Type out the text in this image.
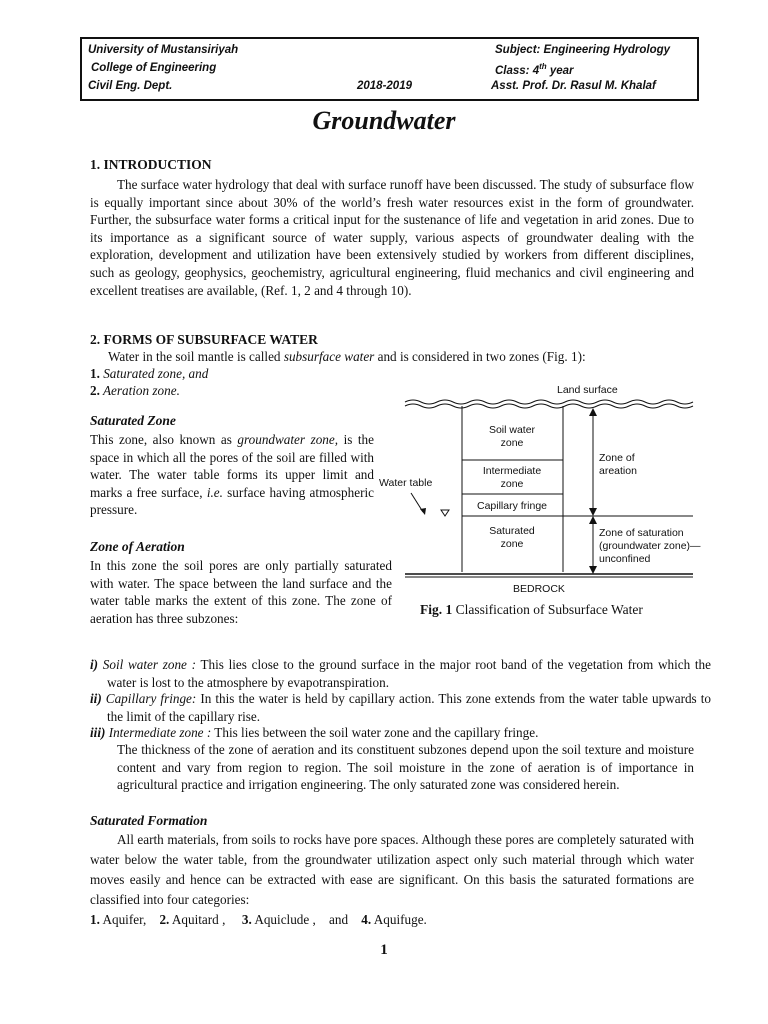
University of Mustansiriyah
College of Engineering
Civil Eng. Dept.	2018-2019
Subject: Engineering Hydrology
Class: 4th year
Asst. Prof. Dr. Rasul M. Khalaf
Groundwater
1. INTRODUCTION
The surface water hydrology that deal with surface runoff have been discussed. The study of subsurface flow is equally important since about 30% of the world’s fresh water resources exist in the form of groundwater. Further, the subsurface water forms a critical input for the sustenance of life and vegetation in arid zones. Due to its importance as a significant source of water supply, various aspects of groundwater dealing with the exploration, development and utilization have been extensively studied by workers from different disciplines, such as geology, geophysics, geochemistry, agricultural engineering, fluid mechanics and civil engineering and excellent treatises are available, (Ref. 1, 2 and 4 through 10).
2. FORMS OF SUBSURFACE WATER
Water in the soil mantle is called subsurface water and is considered in two zones (Fig. 1):
1. Saturated zone, and
2. Aeration zone.
Saturated Zone
This zone, also known as groundwater zone, is the space in which all the pores of the soil are filled with water. The water table forms its upper limit and marks a free surface, i.e. surface having atmospheric pressure.
Zone of Aeration
In this zone the soil pores are only partially saturated with water. The space between the land surface and the water table marks the extent of this zone. The zone of aeration has three subzones:
Land surface
Soil water
zone
Intermediate
zone
Capillary fringe
Saturated
zone
Water table
Zone of
areation
Zone of saturation
(groundwater zone)—
unconfined
BEDROCK
Fig. 1 Classification of Subsurface Water
i) Soil water zone : This lies close to the ground surface in the major root band of the vegetation from which the water is lost to the atmosphere by evapotranspiration.
ii) Capillary fringe: In this the water is held by capillary action. This zone extends from the water table upwards to the limit of the capillary rise.
iii) Intermediate zone : This lies between the soil water zone and the capillary fringe.
The thickness of the zone of aeration and its constituent subzones depend upon the soil texture and moisture content and vary from region to region. The soil moisture in the zone of aeration is of importance in agricultural practice and irrigation engineering. The only saturated zone was considered herein.
Saturated Formation
All earth materials, from soils to rocks have pore spaces. Although these pores are completely saturated with water below the water table, from the groundwater utilization aspect only such material through which water moves easily and hence can be extracted with ease are significant. On this basis the saturated formations are classified into four categories:
1. Aquifer, 2. Aquitard , 3. Aquiclude , and 4. Aquifuge.
1
